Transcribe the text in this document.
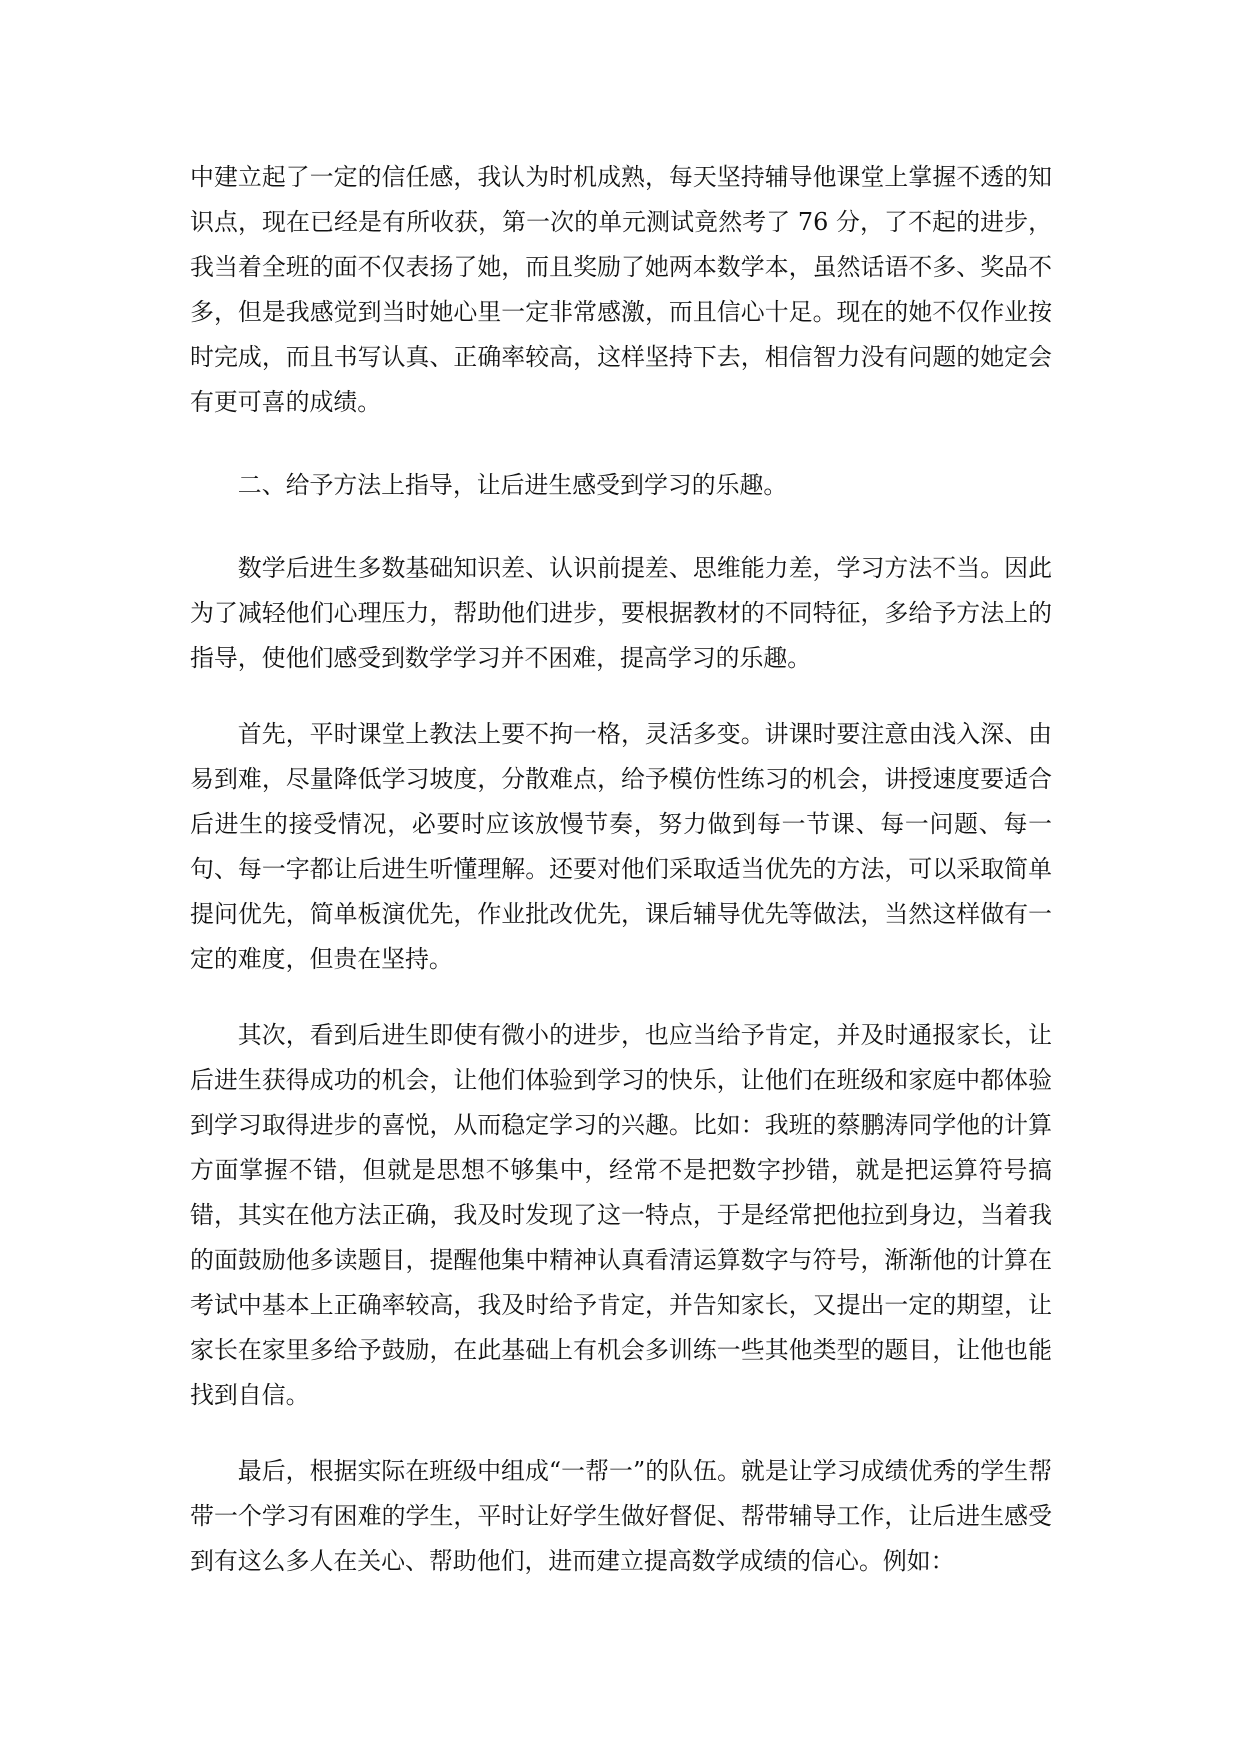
中建立起了一定的信任感，我认为时机成熟，每天坚持辅导他课堂上掌握不透的知识点，现在已经是有所收获，第一次的单元测试竟然考了 76 分，了不起的进步，我当着全班的面不仅表扬了她，而且奖励了她两本数学本，虽然话语不多、奖品不多，但是我感觉到当时她心里一定非常感激，而且信心十足。现在的她不仅作业按时完成，而且书写认真、正确率较高，这样坚持下去，相信智力没有问题的她定会有更可喜的成绩。

二、给予方法上指导，让后进生感受到学习的乐趣。

数学后进生多数基础知识差、认识前提差、思维能力差，学习方法不当。因此为了减轻他们心理压力，帮助他们进步，要根据教材的不同特征，多给予方法上的指导，使他们感受到数学学习并不困难，提高学习的乐趣。

首先，平时课堂上教法上要不拘一格，灵活多变。讲课时要注意由浅入深、由易到难，尽量降低学习坡度，分散难点，给予模仿性练习的机会，讲授速度要适合后进生的接受情况，必要时应该放慢节奏，努力做到每一节课、每一问题、每一句、每一字都让后进生听懂理解。还要对他们采取适当优先的方法，可以采取简单提问优先，简单板演优先，作业批改优先，课后辅导优先等做法，当然这样做有一定的难度，但贵在坚持。

其次，看到后进生即使有微小的进步，也应当给予肯定，并及时通报家长，让后进生获得成功的机会，让他们体验到学习的快乐，让他们在班级和家庭中都体验到学习取得进步的喜悦，从而稳定学习的兴趣。比如：我班的蔡鹏涛同学他的计算方面掌握不错，但就是思想不够集中，经常不是把数字抄错，就是把运算符号搞错，其实在他方法正确，我及时发现了这一特点，于是经常把他拉到身边，当着我的面鼓励他多读题目，提醒他集中精神认真看清运算数字与符号，渐渐他的计算在考试中基本上正确率较高，我及时给予肯定，并告知家长，又提出一定的期望，让家长在家里多给予鼓励，在此基础上有机会多训练一些其他类型的题目，让他也能找到自信。

最后，根据实际在班级中组成“一帮一”的队伍。就是让学习成绩优秀的学生帮带一个学习有困难的学生，平时让好学生做好督促、帮带辅导工作，让后进生感受到有这么多人在关心、帮助他们，进而建立提高数学成绩的信心。例如：
